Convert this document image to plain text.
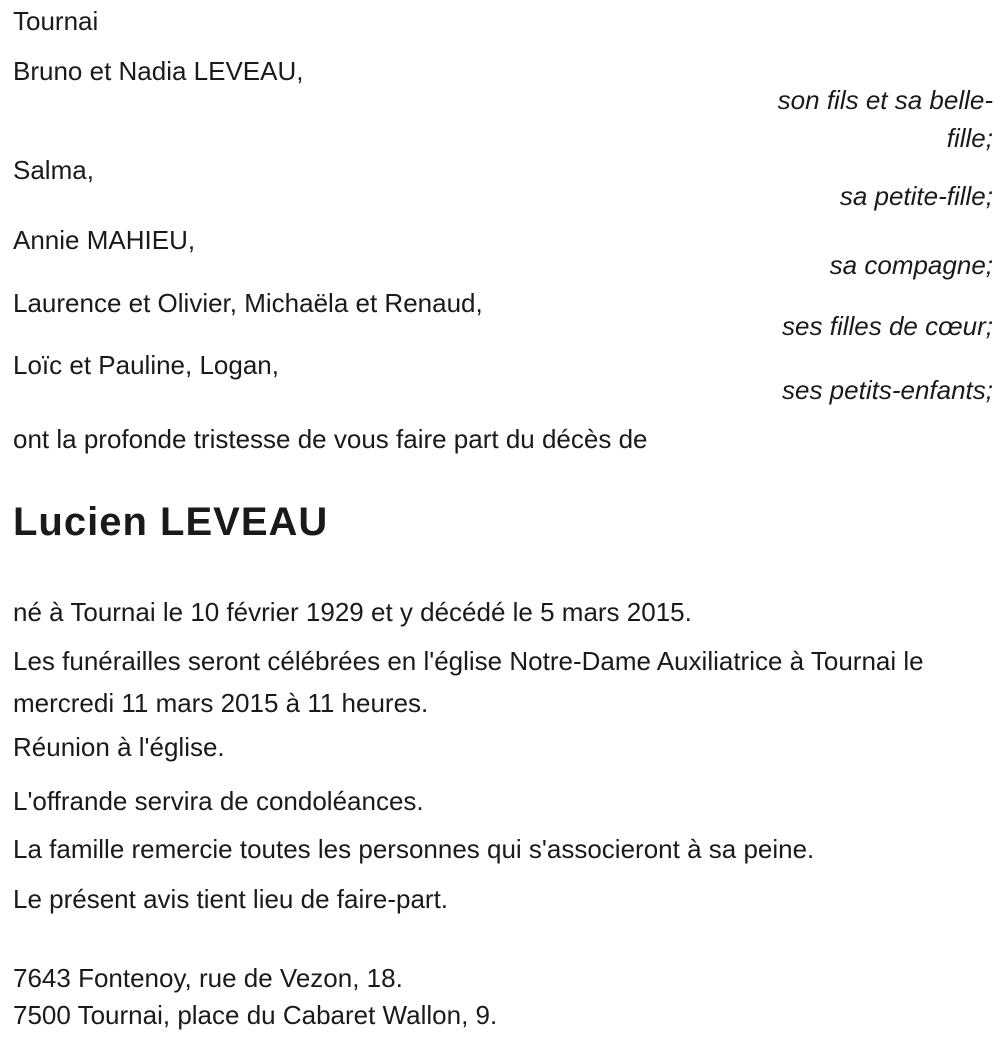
Tournai
Bruno et Nadia LEVEAU,
son fils et sa belle-fille;
Salma,
sa petite-fille;
Annie MAHIEU,
sa compagne;
Laurence et Olivier, Michaëla et Renaud,
ses filles de cœur;
Loïc et Pauline, Logan,
ses petits-enfants;
ont la profonde tristesse de vous faire part du décès de
Lucien LEVEAU
né à Tournai le 10 février 1929 et y décédé le 5 mars 2015.
Les funérailles seront célébrées en l'église Notre-Dame Auxiliatrice à Tournai le mercredi 11 mars 2015 à 11 heures.
Réunion à l'église.
L'offrande servira de condoléances.
La famille remercie toutes les personnes qui s'associeront à sa peine.
Le présent avis tient lieu de faire-part.
7643 Fontenoy, rue de Vezon, 18.
7500 Tournai, place du Cabaret Wallon, 9.
